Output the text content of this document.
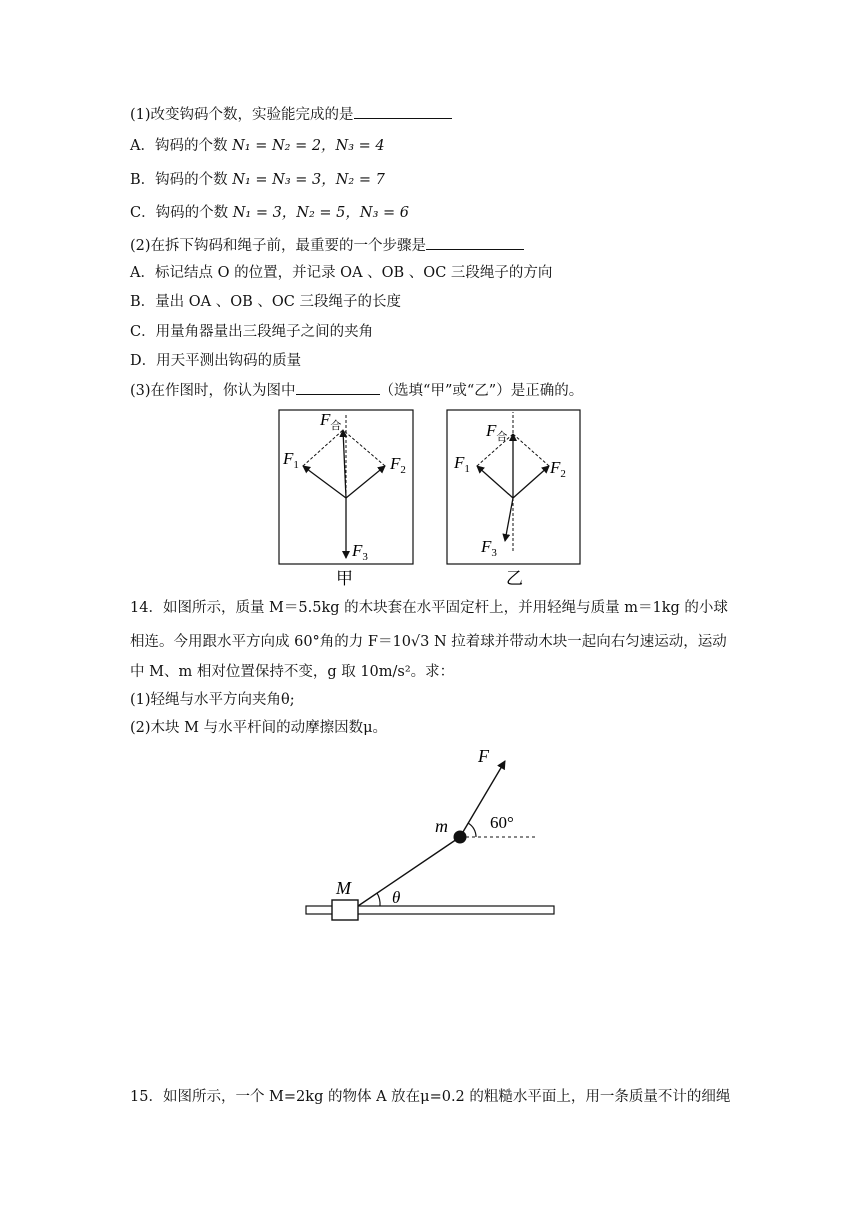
(1)改变钩码个数，实验能完成的是
A．钩码的个数 N₁ = N₂ = 2，N₃ = 4
B．钩码的个数 N₁ = N₃ = 3，N₂ = 7
C．钩码的个数 N₁ = 3，N₂ = 5，N₃ = 6
(2)在拆下钩码和绳子前，最重要的一个步骤是
A．标记结点 O 的位置，并记录 OA 、OB 、OC 三段绳子的方向
B．量出 OA 、OB 、OC 三段绳子的长度
C．用量角器量出三段绳子之间的夹角
D．用天平测出钩码的质量
(3)在作图时，你认为图中	（选填“甲”或“乙”）是正确的。
$F_合$
$F_1$	$F_2$
$F_3$
甲
$F_合$
$F_1$	$F_2$
$F_3$
乙
14．如图所示，质量 M＝5.5kg 的木块套在水平固定杆上，并用轻绳与质量 m＝1kg 的小球
相连。今用跟水平方向成 60°角的力 F＝10√3 N 拉着球并带动木块一起向右匀速运动，运动
中 M、m 相对位置保持不变，g 取 10m/s²。求：
(1)轻绳与水平方向夹角θ;
(2)木块 M 与水平杆间的动摩擦因数μ。
F
m 60°
M θ
15．如图所示，一个 M=2kg 的物体 A 放在μ=0.2 的粗糙水平面上，用一条质量不计的细绳
